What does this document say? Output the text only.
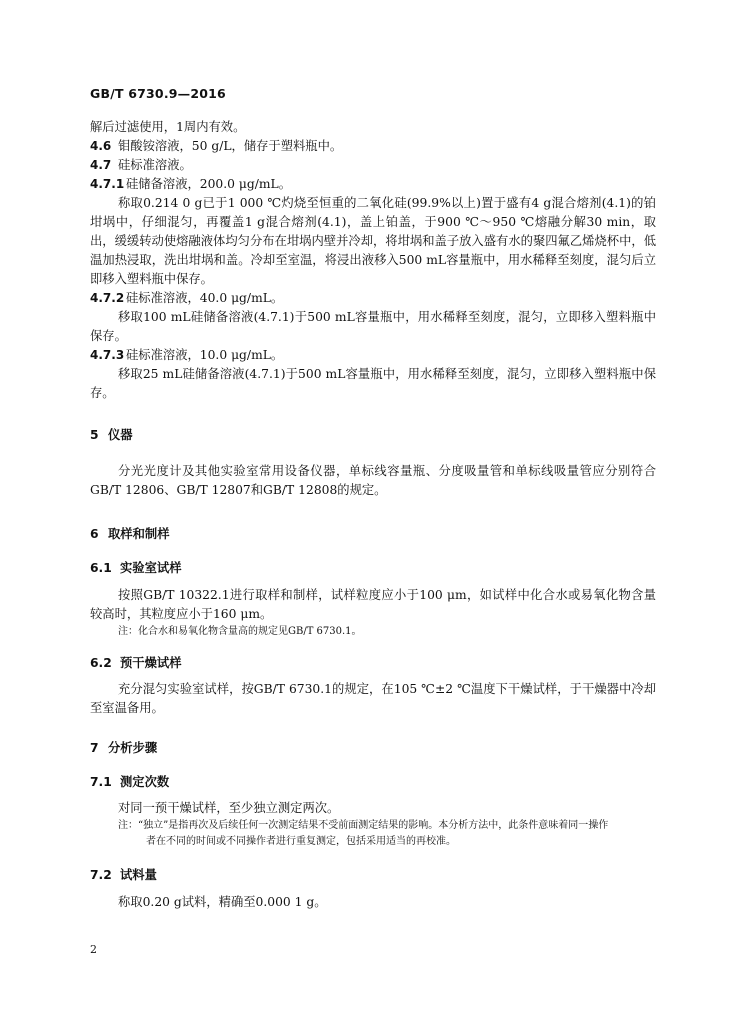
GB/T 6730.9—2016

解后过滤使用，1周内有效。

4.6 钼酸铵溶液，50 g/L，储存于塑料瓶中。

4.7 硅标准溶液。

4.7.1 硅储备溶液，200.0 μg/mL。

称取0.214 0 g已于1 000 ℃灼烧至恒重的二氧化硅(99.9%以上)置于盛有4 g混合熔剂(4.1)的铂坩埚中，仔细混匀，再覆盖1 g混合熔剂(4.1)，盖上铂盖，于900 ℃～950 ℃熔融分解30 min，取出，缓缓转动使熔融液体均匀分布在坩埚内壁并冷却，将坩埚和盖子放入盛有水的聚四氟乙烯烧杯中，低温加热浸取，洗出坩埚和盖。冷却至室温，将浸出液移入500 mL容量瓶中，用水稀释至刻度，混匀后立即移入塑料瓶中保存。

4.7.2 硅标准溶液，40.0 μg/mL。

移取100 mL硅储备溶液(4.7.1)于500 mL容量瓶中，用水稀释至刻度，混匀，立即移入塑料瓶中保存。

4.7.3 硅标准溶液，10.0 μg/mL。

移取25 mL硅储备溶液(4.7.1)于500 mL容量瓶中，用水稀释至刻度，混匀，立即移入塑料瓶中保存。

5 仪器

分光光度计及其他实验室常用设备仪器，单标线容量瓶、分度吸量管和单标线吸量管应分别符合GB/T 12806、GB/T 12807和GB/T 12808的规定。

6 取样和制样

6.1 实验室试样

按照GB/T 10322.1进行取样和制样，试样粒度应小于100 μm，如试样中化合水或易氧化物含量较高时，其粒度应小于160 μm。

注：化合水和易氧化物含量高的规定见GB/T 6730.1。

6.2 预干燥试样

充分混匀实验室试样，按GB/T 6730.1的规定，在105 ℃±2 ℃温度下干燥试样，于干燥器中冷却至室温备用。

7 分析步骤

7.1 测定次数

对同一预干燥试样，至少独立测定两次。

注：“独立”是指再次及后续任何一次测定结果不受前面测定结果的影响。本分析方法中，此条件意味着同一操作

者在不同的时间或不同操作者进行重复测定，包括采用适当的再校准。

7.2 试料量

称取0.20 g试料，精确至0.000 1 g。

2
